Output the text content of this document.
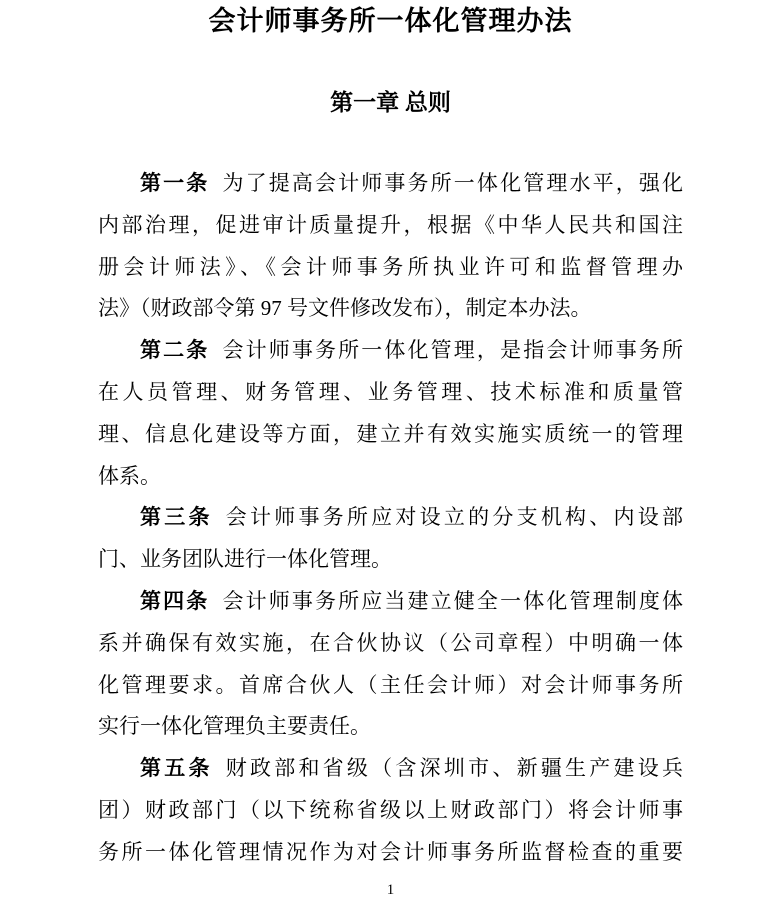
会计师事务所一体化管理办法
第一章 总则
第一条 为了提高会计师事务所一体化管理水平，强化
内部治理，促进审计质量提升，根据《中华人民共和国注
册会计师法》、《会计师事务所执业许可和监督管理办
法》（财政部令第 97 号文件修改发布），制定本办法。
第二条 会计师事务所一体化管理，是指会计师事务所
在人员管理、财务管理、业务管理、技术标准和质量管
理、信息化建设等方面，建立并有效实施实质统一的管理
体系。
第三条 会计师事务所应对设立的分支机构、内设部
门、业务团队进行一体化管理。
第四条 会计师事务所应当建立健全一体化管理制度体
系并确保有效实施，在合伙协议（公司章程）中明确一体
化管理要求。首席合伙人（主任会计师）对会计师事务所
实行一体化管理负主要责任。
第五条 财政部和省级（含深圳市、新疆生产建设兵
团）财政部门（以下统称省级以上财政部门）将会计师事
务所一体化管理情况作为对会计师事务所监督检查的重要
1
